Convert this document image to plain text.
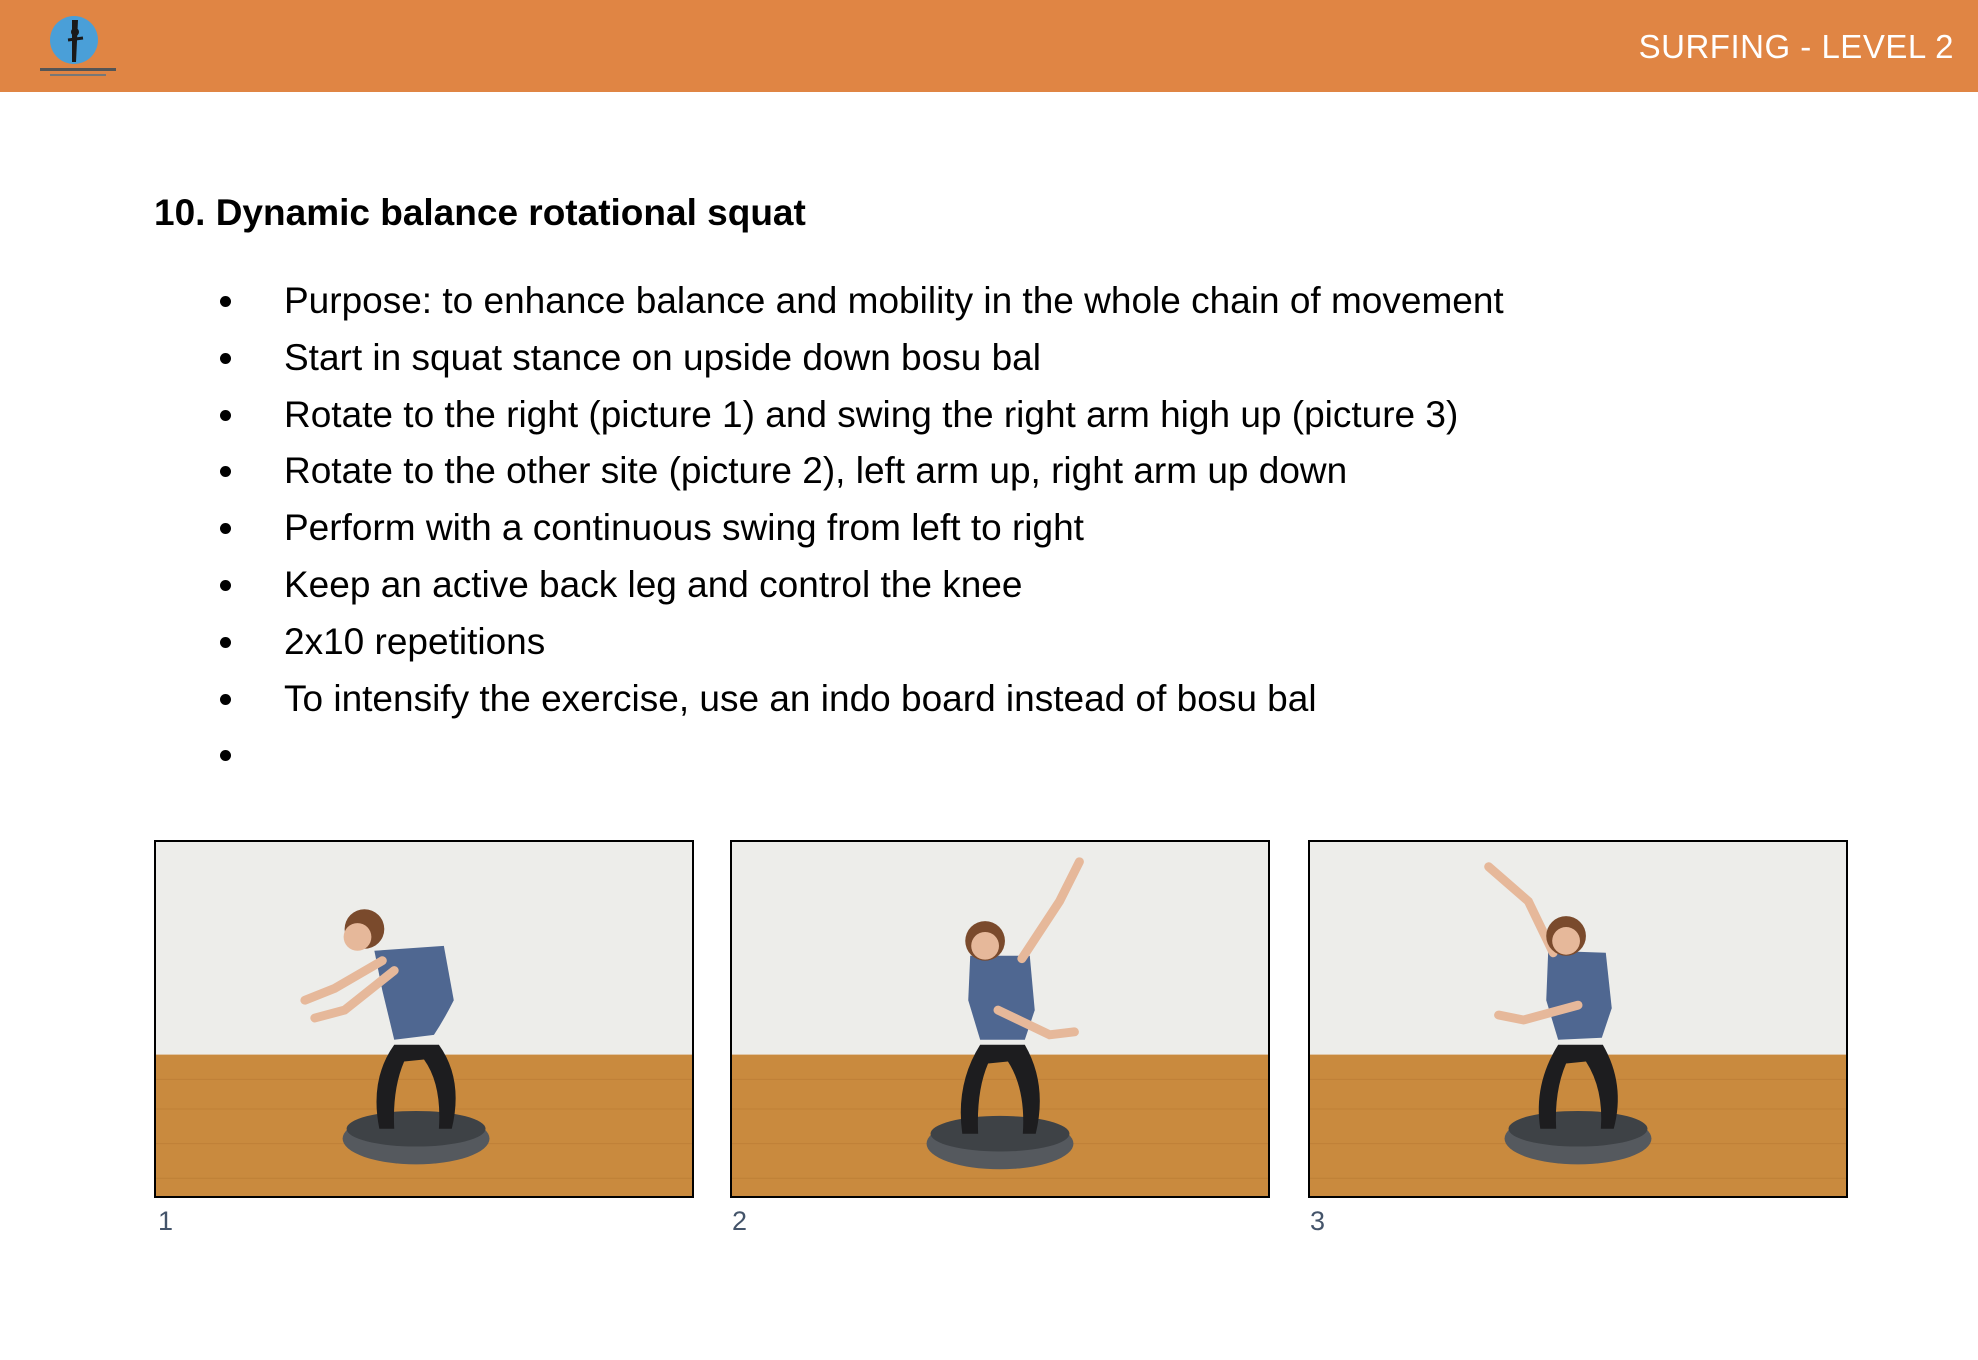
SURFING - LEVEL 2
10. Dynamic balance rotational squat
Purpose: to enhance balance and mobility in the whole chain of movement
Start in squat stance on upside down bosu bal
Rotate to the right (picture 1) and swing the right arm high up (picture 3)
Rotate to the other site (picture 2), left arm up, right arm up down
Perform with a continuous swing from left to right
Keep an active back leg and control the knee
2x10 repetitions
To intensify the exercise, use an indo board instead of bosu bal
1	2	3
